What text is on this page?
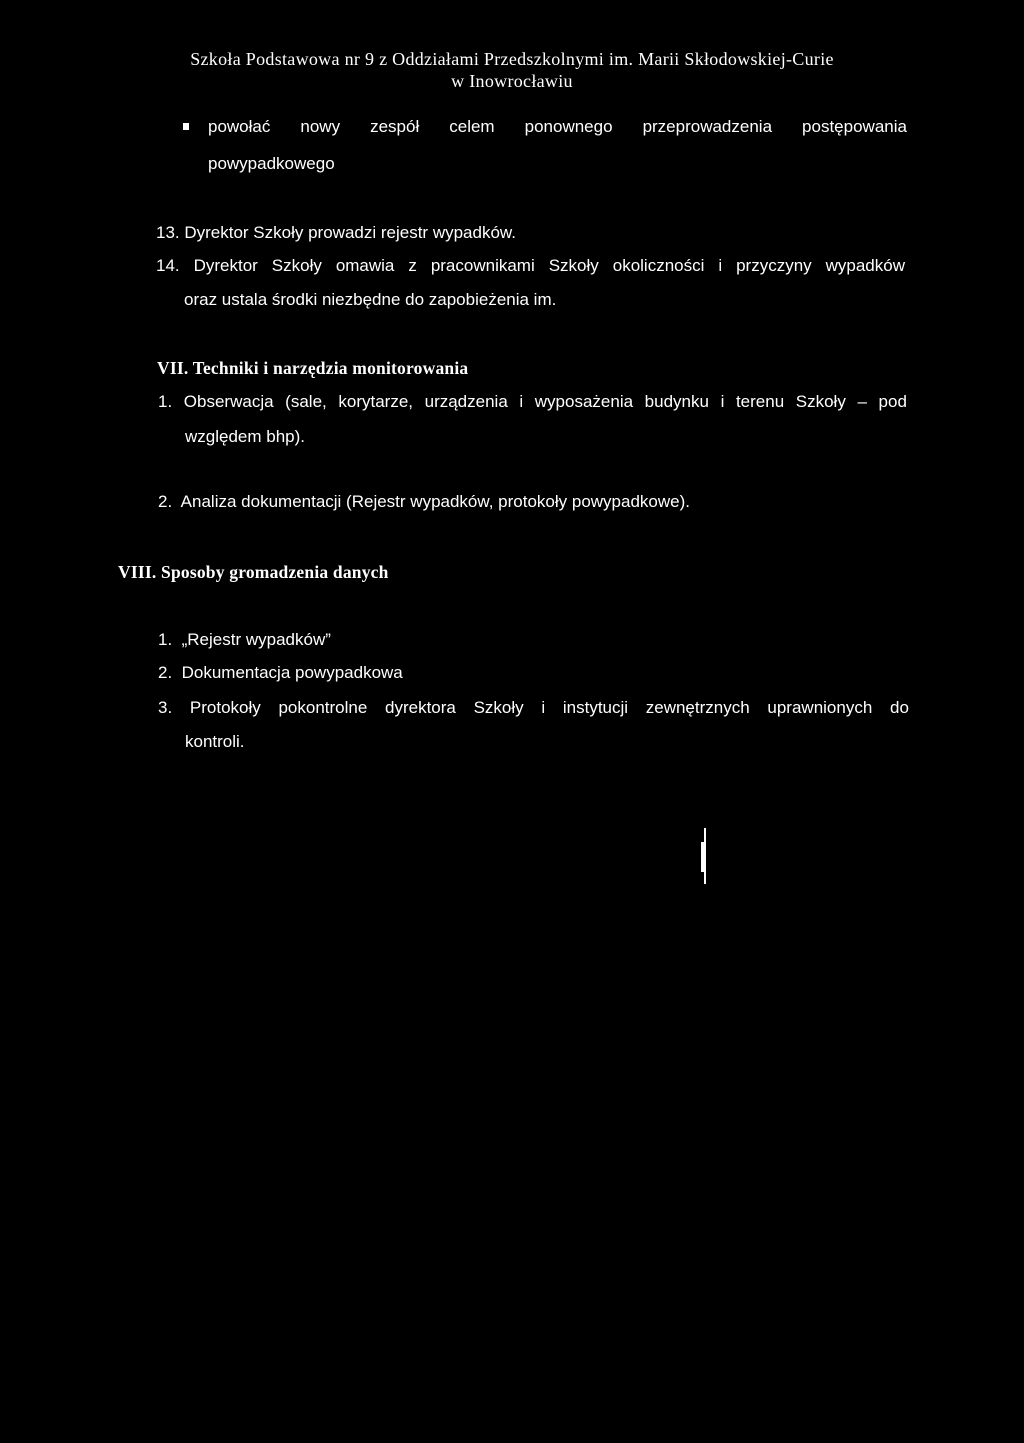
Szkoła Podstawowa nr 9 z Oddziałami Przedszkolnymi im. Marii Skłodowskiej-Curie
w Inowrocławiu
powołać nowy zespół celem ponownego przeprowadzenia postępowania
powypadkowego
13. Dyrektor Szkoły prowadzi rejestr wypadków.
14. Dyrektor Szkoły omawia z pracownikami Szkoły okoliczności i przyczyny wypadków
oraz ustala środki niezbędne do zapobieżenia im.
VII. Techniki i narzędzia monitorowania
1. Obserwacja (sale, korytarze, urządzenia i wyposażenia budynku i terenu Szkoły – pod
względem bhp).
2.  Analiza dokumentacji (Rejestr wypadków, protokoły powypadkowe).
VIII. Sposoby gromadzenia danych
1.  „Rejestr wypadków”
2.  Dokumentacja powypadkowa
3. Protokoły pokontrolne dyrektora Szkoły i instytucji zewnętrznych uprawnionych do
kontroli.
